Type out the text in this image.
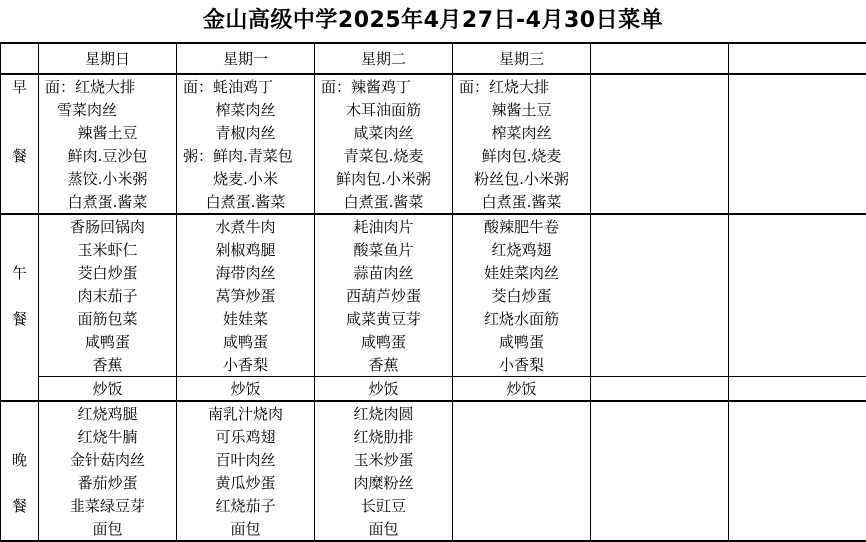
金山高级中学2025年4月27日-4月30日菜单
	星期日	星期一	星期二	星期三		
早	面：红烧大排	面：蚝油鸡丁	面：辣酱鸡丁	面：红烧大排		
	雪菜肉丝	榨菜肉丝	木耳油面筋	辣酱土豆		
	辣酱土豆	青椒肉丝	咸菜肉丝	榨菜肉丝		
餐	鲜肉.豆沙包	粥：鲜肉.青菜包	青菜包.烧麦	鲜肉包.烧麦		
	蒸饺.小米粥	烧麦.小米	鲜肉包.小米粥	粉丝包.小米粥		
	白煮蛋.酱菜	白煮蛋.酱菜	白煮蛋.酱菜	白煮蛋.酱菜		
	香肠回锅肉	水煮牛肉	耗油肉片	酸辣肥牛卷		
	玉米虾仁	剁椒鸡腿	酸菜鱼片	红烧鸡翅		
午	茭白炒蛋	海带肉丝	蒜苗肉丝	娃娃菜肉丝		
	肉末茄子	莴笋炒蛋	西葫芦炒蛋	茭白炒蛋		
餐	面筋包菜	娃娃菜	咸菜黄豆芽	红烧水面筋		
	咸鸭蛋	咸鸭蛋	咸鸭蛋	咸鸭蛋		
	香蕉	小香梨	香蕉	小香梨		
	炒饭	炒饭	炒饭	炒饭		
	红烧鸡腿	南乳汁烧肉	红烧肉圆			
	红烧牛腩	可乐鸡翅	红烧肋排			
晚	金针菇肉丝	百叶肉丝	玉米炒蛋			
	番茄炒蛋	黄瓜炒蛋	肉糜粉丝			
餐	韭菜绿豆芽	红烧茄子	长豇豆			
	面包	面包	面包			
